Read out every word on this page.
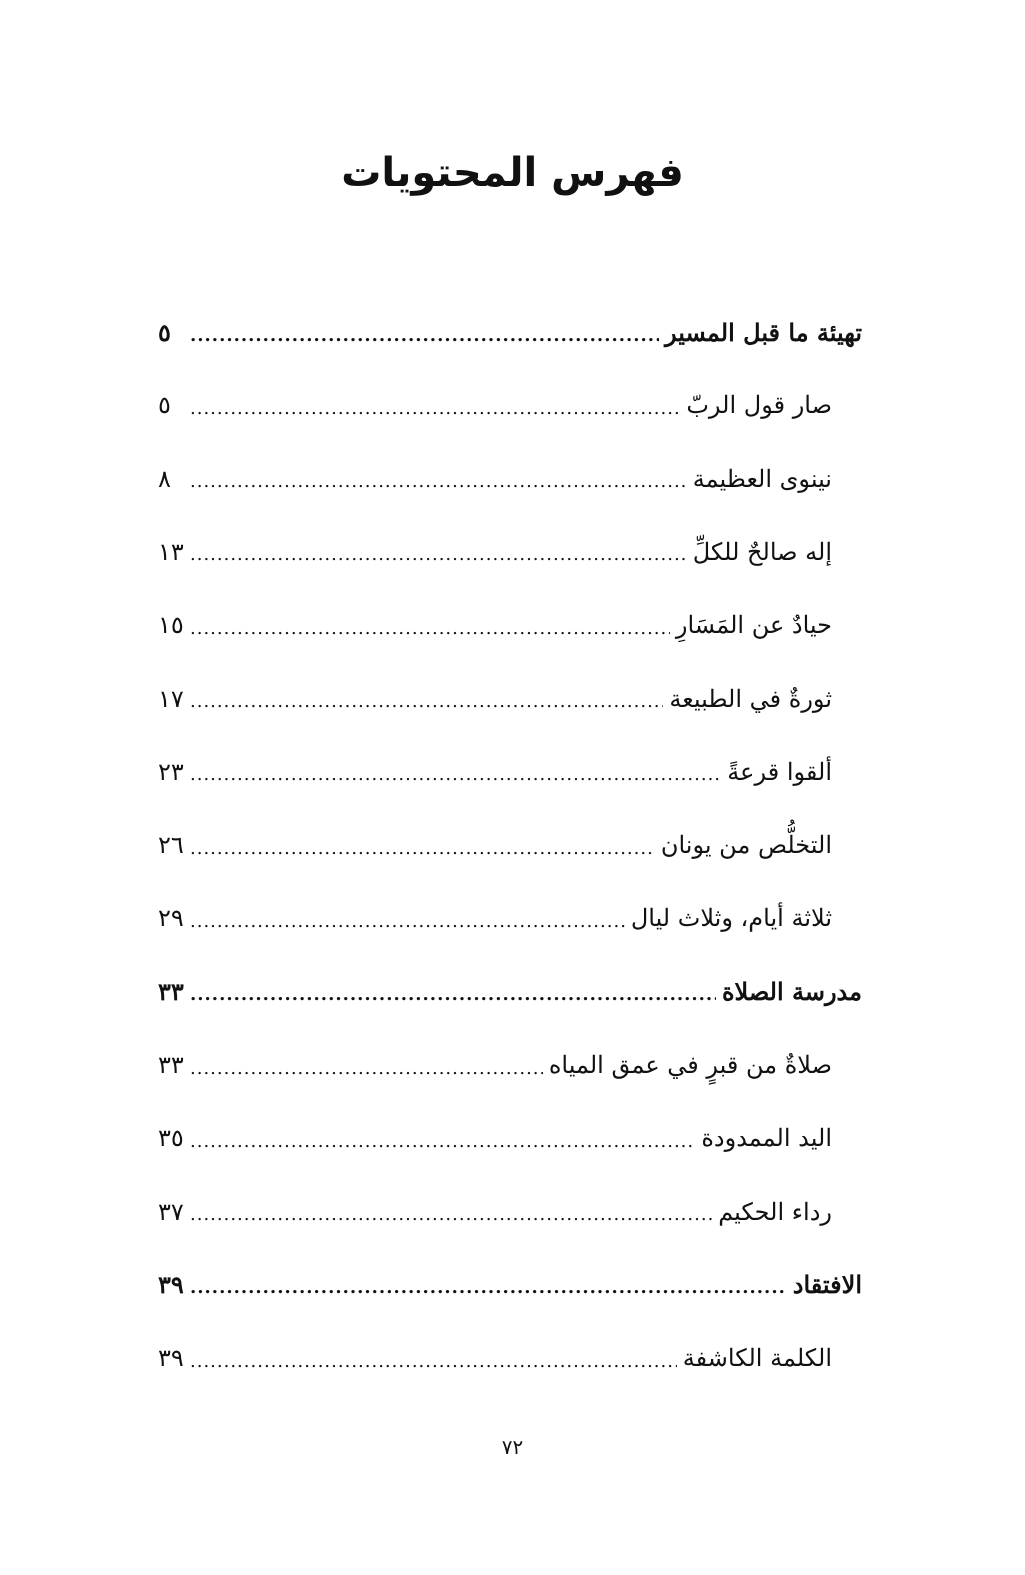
فهرس المحتويات
تهيئة ما قبل المسير
.....
٥
صار قول الربّ
.....
٥
نينوى العظيمة
.....
٨
إله صالحٌ للكلِّ
.....
١٣
حيادٌ عن المَسَارِ
.....
١٥
ثورةٌ في الطبيعة
.....
١٧
ألقوا قرعةً
.....
٢٣
التخلُّص من يونان
.....
٢٦
ثلاثة أيام، وثلاث ليال
.....
٢٩
مدرسة الصلاة
.....
٣٣
صلاةٌ من قبرٍ في عمق المياه
.....
٣٣
اليد الممدودة
.....
٣٥
رداء الحكيم
.....
٣٧
الافتقاد
.....
٣٩
الكلمة الكاشفة
.....
٣٩
٧٢
